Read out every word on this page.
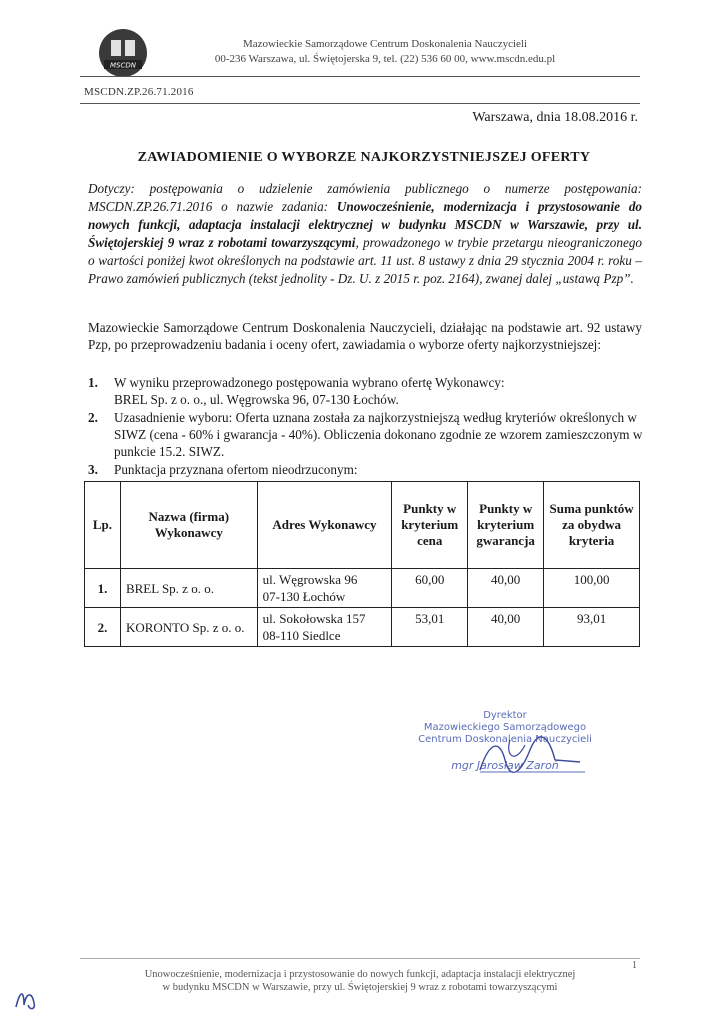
MSCDN
Mazowieckie Samorządowe Centrum Doskonalenia Nauczycieli
00-236 Warszawa, ul. Świętojerska 9, tel. (22) 536 60 00, www.mscdn.edu.pl
MSCDN.ZP.26.71.2016
Warszawa, dnia 18.08.2016 r.
ZAWIADOMIENIE O WYBORZE NAJKORZYSTNIEJSZEJ OFERTY
Dotyczy: postępowania o udzielenie zamówienia publicznego o numerze postępowania: MSCDN.ZP.26.71.2016 o nazwie zadania: Unowocześnienie, modernizacja i przystosowanie do nowych funkcji, adaptacja instalacji elektrycznej w budynku MSCDN w Warszawie, przy ul. Świętojerskiej 9 wraz z robotami towarzyszącymi, prowadzonego w trybie przetargu nieograniczonego o wartości poniżej kwot określonych na podstawie art. 11 ust. 8 ustawy z dnia 29 stycznia 2004 r. roku – Prawo zamówień publicznych (tekst jednolity - Dz. U. z 2015 r. poz. 2164), zwanej dalej „ustawą Pzp”.
Mazowieckie Samorządowe Centrum Doskonalenia Nauczycieli, działając na podstawie art. 92 ustawy Pzp, po przeprowadzeniu badania i oceny ofert, zawiadamia o wyborze oferty najkorzystniejszej:
1. W wyniku przeprowadzonego postępowania wybrano ofertę Wykonawcy:
BREL Sp. z o. o., ul. Węgrowska 96, 07-130 Łochów.
2. Uzasadnienie wyboru: Oferta uznana została za najkorzystniejszą według kryteriów określonych w SIWZ (cena - 60% i gwarancja - 40%). Obliczenia dokonano zgodnie ze wzorem zamieszczonym w punkcie 15.2. SIWZ.
3. Punktacja przyznana ofertom nieodrzuconym:
Lp.	Nazwa (firma) Wykonawcy	Adres Wykonawcy	Punkty w kryterium cena	Punkty w kryterium gwarancja	Suma punktów za obydwa kryteria
1.	BREL Sp. z o. o.	ul. Węgrowska 96
07-130 Łochów	60,00	40,00	100,00
2.	KORONTO Sp. z o. o.	ul. Sokołowska 157
08-110 Siedlce	53,01	40,00	93,01
Dyrektor
Mazowieckiego Samorządowego
Centrum Doskonalenia Nauczycieli
mgr Jarosław Zaroń
1
Unowocześnienie, modernizacja i przystosowanie do nowych funkcji, adaptacja instalacji elektrycznej
w budynku MSCDN w Warszawie, przy ul. Świętojerskiej 9 wraz z robotami towarzyszącymi
